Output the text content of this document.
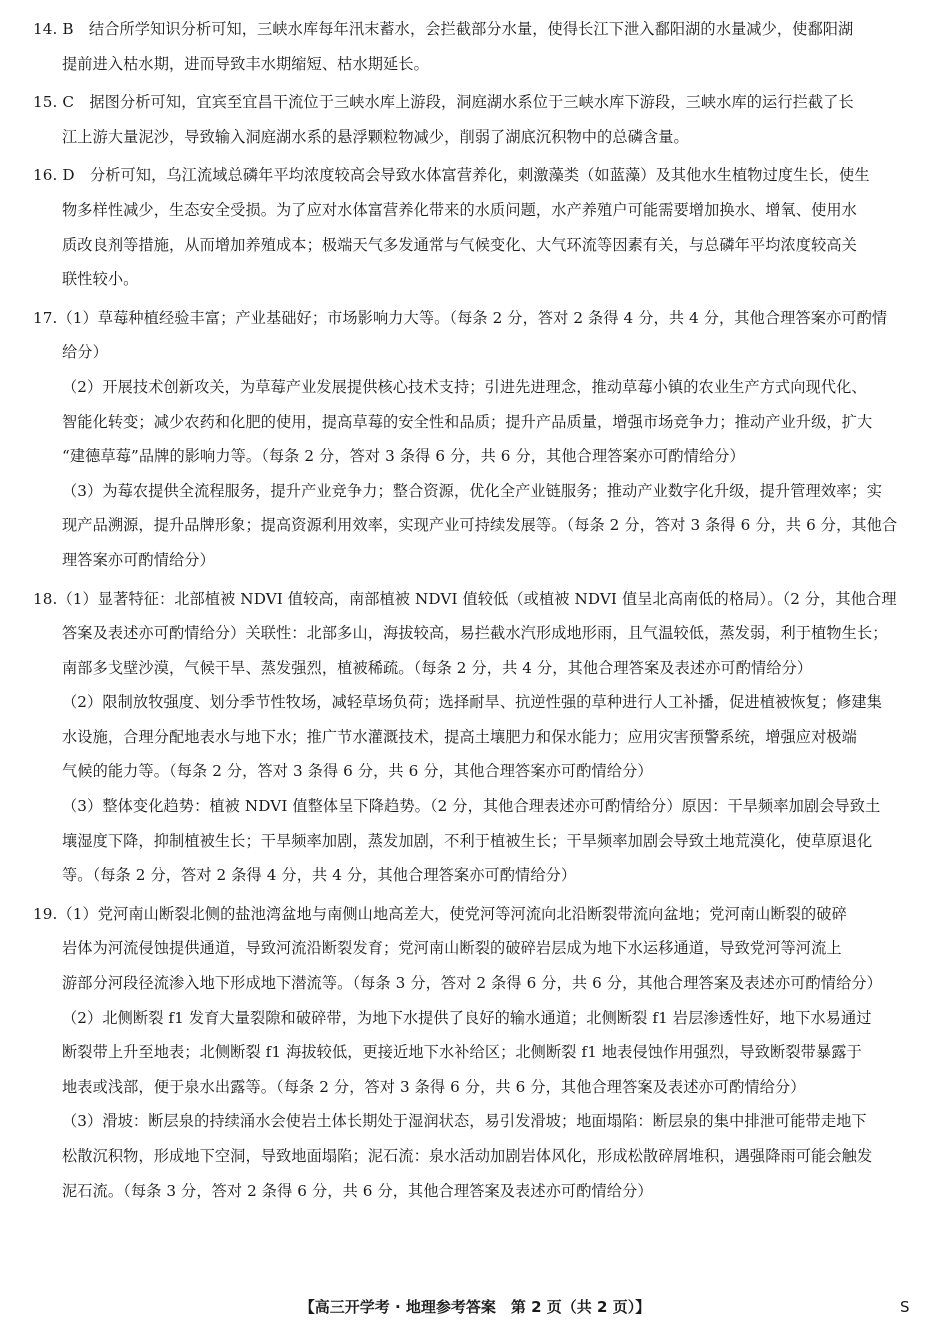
14. B　结合所学知识分析可知，三峡水库每年汛末蓄水，会拦截部分水量，使得长江下泄入鄱阳湖的水量减少，使鄱阳湖
提前进入枯水期，进而导致丰水期缩短、枯水期延长。
15. C　据图分析可知，宜宾至宜昌干流位于三峡水库上游段，洞庭湖水系位于三峡水库下游段，三峡水库的运行拦截了长
江上游大量泥沙，导致输入洞庭湖水系的悬浮颗粒物减少，削弱了湖底沉积物中的总磷含量。
16. D　分析可知，乌江流域总磷年平均浓度较高会导致水体富营养化，刺激藻类（如蓝藻）及其他水生植物过度生长，使生
物多样性减少，生态安全受损。为了应对水体富营养化带来的水质问题，水产养殖户可能需要增加换水、增氧、使用水
质改良剂等措施，从而增加养殖成本；极端天气多发通常与气候变化、大气环流等因素有关，与总磷年平均浓度较高关
联性较小。
17.（1）草莓种植经验丰富；产业基础好；市场影响力大等。（每条 2 分，答对 2 条得 4 分，共 4 分，其他合理答案亦可酌情
给分）
（2）开展技术创新攻关，为草莓产业发展提供核心技术支持；引进先进理念，推动草莓小镇的农业生产方式向现代化、
智能化转变；减少农药和化肥的使用，提高草莓的安全性和品质；提升产品质量，增强市场竞争力；推动产业升级，扩大
“建德草莓”品牌的影响力等。（每条 2 分，答对 3 条得 6 分，共 6 分，其他合理答案亦可酌情给分）
（3）为莓农提供全流程服务，提升产业竞争力；整合资源，优化全产业链服务；推动产业数字化升级，提升管理效率；实
现产品溯源，提升品牌形象；提高资源利用效率，实现产业可持续发展等。（每条 2 分，答对 3 条得 6 分，共 6 分，其他合
理答案亦可酌情给分）
18.（1）显著特征：北部植被 NDVI 值较高，南部植被 NDVI 值较低（或植被 NDVI 值呈北高南低的格局）。（2 分，其他合理
答案及表述亦可酌情给分）关联性：北部多山，海拔较高，易拦截水汽形成地形雨，且气温较低，蒸发弱，利于植物生长；
南部多戈壁沙漠，气候干旱、蒸发强烈，植被稀疏。（每条 2 分，共 4 分，其他合理答案及表述亦可酌情给分）
（2）限制放牧强度、划分季节性牧场，减轻草场负荷；选择耐旱、抗逆性强的草种进行人工补播，促进植被恢复；修建集
水设施，合理分配地表水与地下水；推广节水灌溉技术，提高土壤肥力和保水能力；应用灾害预警系统，增强应对极端
气候的能力等。（每条 2 分，答对 3 条得 6 分，共 6 分，其他合理答案亦可酌情给分）
（3）整体变化趋势：植被 NDVI 值整体呈下降趋势。（2 分，其他合理表述亦可酌情给分）原因：干旱频率加剧会导致土
壤湿度下降，抑制植被生长；干旱频率加剧，蒸发加剧，不利于植被生长；干旱频率加剧会导致土地荒漠化，使草原退化
等。（每条 2 分，答对 2 条得 4 分，共 4 分，其他合理答案亦可酌情给分）
19.（1）党河南山断裂北侧的盐池湾盆地与南侧山地高差大，使党河等河流向北沿断裂带流向盆地；党河南山断裂的破碎
岩体为河流侵蚀提供通道，导致河流沿断裂发育；党河南山断裂的破碎岩层成为地下水运移通道，导致党河等河流上
游部分河段径流渗入地下形成地下潜流等。（每条 3 分，答对 2 条得 6 分，共 6 分，其他合理答案及表述亦可酌情给分）
（2）北侧断裂 f1 发育大量裂隙和破碎带，为地下水提供了良好的输水通道；北侧断裂 f1 岩层渗透性好，地下水易通过
断裂带上升至地表；北侧断裂 f1 海拔较低，更接近地下水补给区；北侧断裂 f1 地表侵蚀作用强烈，导致断裂带暴露于
地表或浅部，便于泉水出露等。（每条 2 分，答对 3 条得 6 分，共 6 分，其他合理答案及表述亦可酌情给分）
（3）滑坡：断层泉的持续涌水会使岩土体长期处于湿润状态，易引发滑坡；地面塌陷：断层泉的集中排泄可能带走地下
松散沉积物，形成地下空洞，导致地面塌陷；泥石流：泉水活动加剧岩体风化，形成松散碎屑堆积，遇强降雨可能会触发
泥石流。（每条 3 分，答对 2 条得 6 分，共 6 分，其他合理答案及表述亦可酌情给分）
【高三开学考 · 地理参考答案　第 2 页（共 2 页）】	S
